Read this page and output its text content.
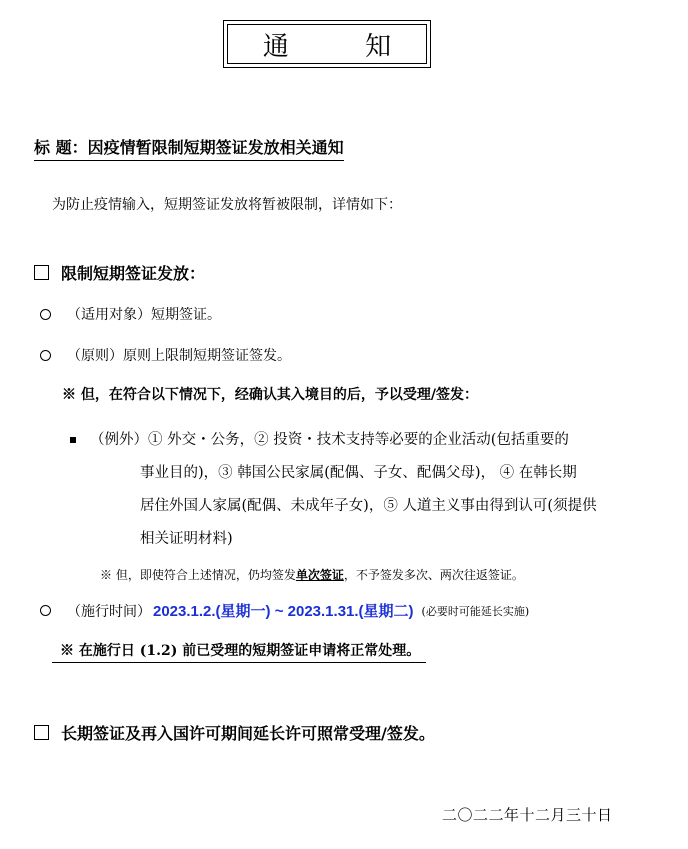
通 知
标 题：因疫情暂限制短期签证发放相关通知
为防止疫情输入，短期签证发放将暂被限制，详情如下：
限制短期签证发放：
（适用对象）短期签证。
（原则）原则上限制短期签证签发。
※ 但，在符合以下情况下，经确认其入境目的后，予以受理/签发：
（例外）① 外交・公务，② 投资・技术支持等必要的企业活动(包括重要的
事业目的)，③ 韩国公民家属(配偶、子女、配偶父母)， ④ 在韩长期
居住外国人家属(配偶、未成年子女)，⑤ 人道主义事由得到认可(须提供
相关证明材料)
※ 但，即使符合上述情况，仍均签发单次签证，不予签发多次、两次往返签证。
（施行时间） 2023.1.2.(星期一) ~ 2023.1.31.(星期二) (必要时可能延长实施)
※ 在施行日 (1.2) 前已受理的短期签证申请将正常处理。
长期签证及再入国许可期间延长许可照常受理/签发。
二〇二二年十二月三十日
